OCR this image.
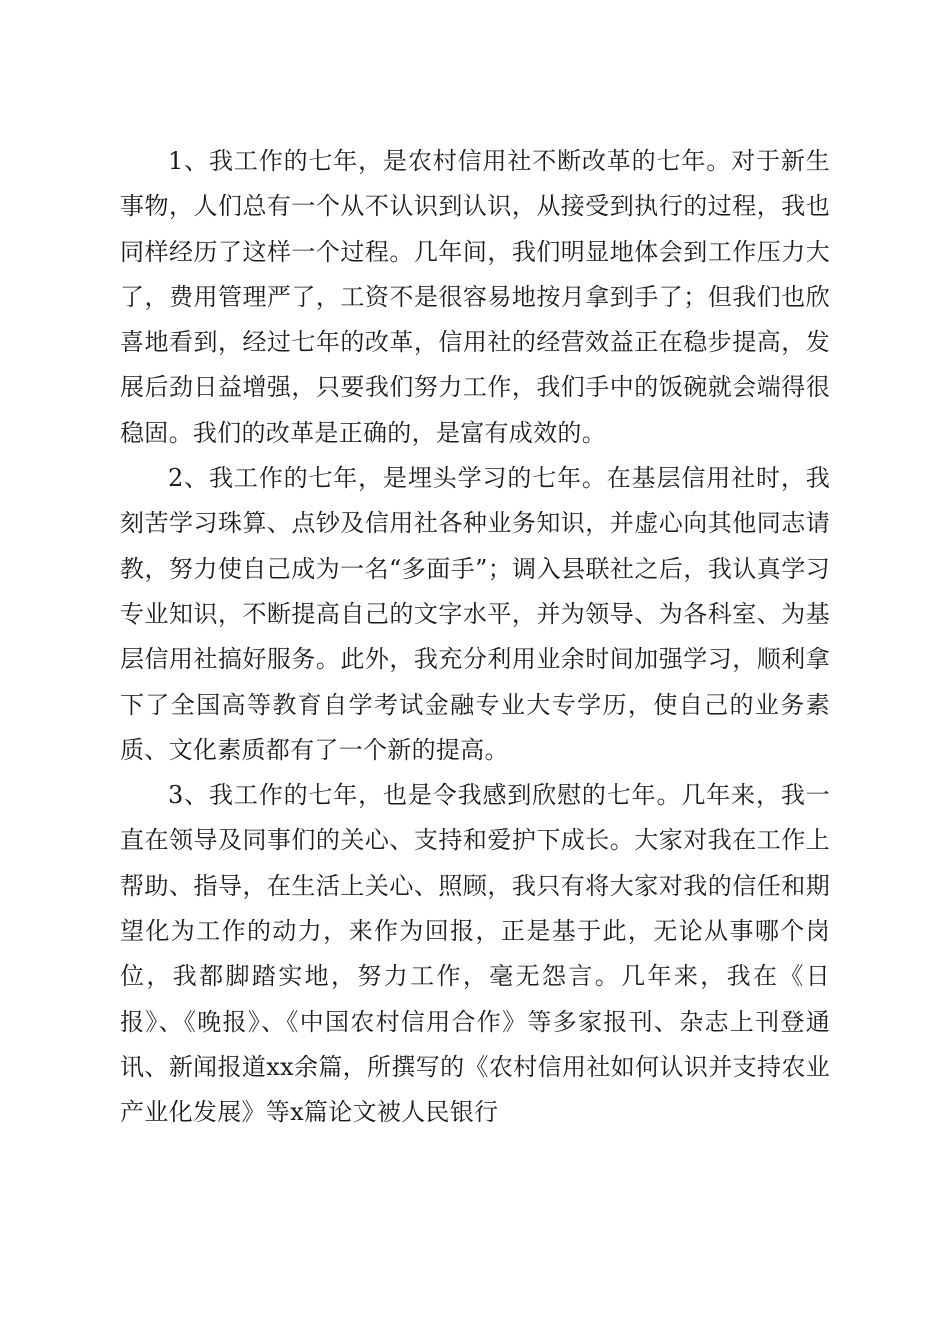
1、我工作的七年，是农村信用社不断改革的七年。对于新生事物，人们总有一个从不认识到认识，从接受到执行的过程，我也同样经历了这样一个过程。几年间，我们明显地体会到工作压力大了，费用管理严了，工资不是很容易地按月拿到手了；但我们也欣喜地看到，经过七年的改革，信用社的经营效益正在稳步提高，发展后劲日益增强，只要我们努力工作，我们手中的饭碗就会端得很稳固。我们的改革是正确的，是富有成效的。

2、我工作的七年，是埋头学习的七年。在基层信用社时，我刻苦学习珠算、点钞及信用社各种业务知识，并虚心向其他同志请教，努力使自己成为一名“多面手”；调入县联社之后，我认真学习专业知识，不断提高自己的文字水平，并为领导、为各科室、为基层信用社搞好服务。此外，我充分利用业余时间加强学习，顺利拿下了全国高等教育自学考试金融专业大专学历，使自己的业务素质、文化素质都有了一个新的提高。

3、我工作的七年，也是令我感到欣慰的七年。几年来，我一直在领导及同事们的关心、支持和爱护下成长。大家对我在工作上帮助、指导，在生活上关心、照顾，我只有将大家对我的信任和期望化为工作的动力，来作为回报，正是基于此，无论从事哪个岗位，我都脚踏实地，努力工作，毫无怨言。几年来，我在《日报》、《晚报》、《中国农村信用合作》等多家报刊、杂志上刊登通讯、新闻报道xx余篇，所撰写的《农村信用社如何认识并支持农业产业化发展》等x篇论文被人民银行
